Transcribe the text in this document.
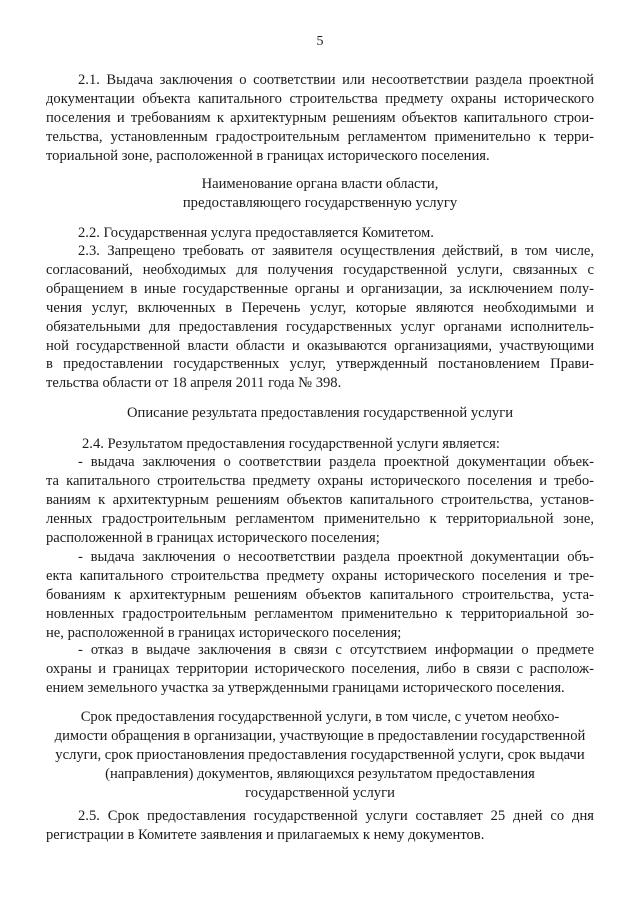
5
2.1. Выдача заключения о соответствии или несоответствии раздела проектной
документации объекта капитального строительства предмету охраны исторического
поселения и требованиям к архитектурным решениям объектов капитального строи-
тельства, установленным градостроительным регламентом применительно к терри-
ториальной зоне, расположенной в границах исторического поселения.
Наименование органа власти области,
предоставляющего государственную услугу
2.2. Государственная услуга предоставляется Комитетом.
2.3. Запрещено требовать от заявителя осуществления действий, в том числе,
согласований, необходимых для получения государственной услуги, связанных с
обращением в иные государственные органы и организации, за исключением полу-
чения услуг, включенных в Перечень услуг, которые являются необходимыми и
обязательными для предоставления государственных услуг органами исполнитель-
ной государственной власти области и оказываются организациями, участвующими
в предоставлении государственных услуг, утвержденный постановлением Прави-
тельства области от 18 апреля 2011 года № 398.
Описание результата предоставления государственной услуги
2.4. Результатом предоставления государственной услуги является:
- выдача заключения о соответствии раздела проектной документации объек-
та капитального строительства предмету охраны исторического поселения и требо-
ваниям к архитектурным решениям объектов капитального строительства, установ-
ленных градостроительным регламентом применительно к территориальной зоне,
расположенной в границах исторического поселения;
- выдача заключения о несоответствии раздела проектной документации объ-
екта капитального строительства предмету охраны исторического поселения и тре-
бованиям к архитектурным решениям объектов капитального строительства, уста-
новленных градостроительным регламентом применительно к территориальной зо-
не, расположенной в границах исторического поселения;
- отказ в выдаче заключения в связи с отсутствием информации о предмете
охраны и границах территории исторического поселения, либо в связи с располож-
ением земельного участка за утвержденными границами исторического поселения.
Срок предоставления государственной услуги, в том числе, с учетом необхо-
димости обращения в организации, участвующие в предоставлении государственной
услуги, срок приостановления предоставления государственной услуги, срок выдачи
(направления) документов, являющихся результатом предоставления
государственной услуги
2.5. Срок предоставления государственной услуги составляет 25 дней со дня
регистрации в Комитете заявления и прилагаемых к нему документов.
